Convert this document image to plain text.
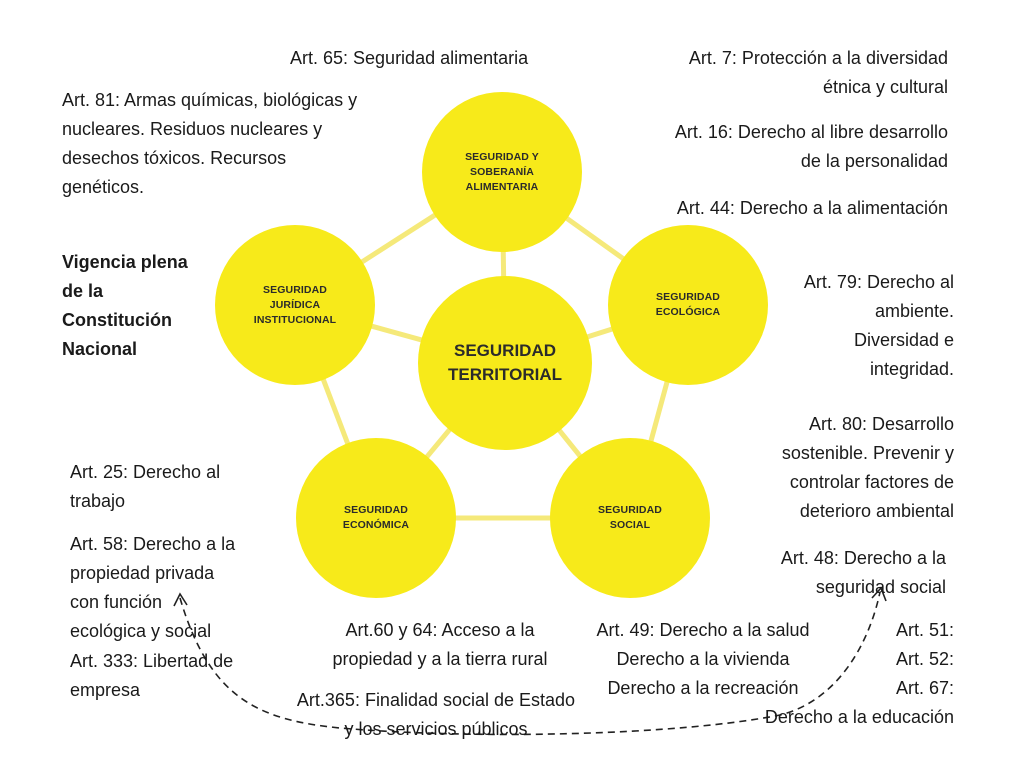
SEGURIDAD Y
SOBERANÍA
ALIMENTARIA
SEGURIDAD
ECOLÓGICA
SEGURIDAD
SOCIAL
SEGURIDAD
ECONÓMICA
SEGURIDAD
JURÍDICA
INSTITUCIONAL
SEGURIDAD
TERRITORIAL

Art. 65: Seguridad alimentaria	Art. 7: Protección a la diversidad
étnica y cultural

Art. 81: Armas químicas, biológicas y
nucleares. Residuos nucleares y
desechos tóxicos. Recursos
genéticos.

Art. 16: Derecho al libre desarrollo
de la personalidad

Art. 44: Derecho a la alimentación

Vigencia plena
de la
Constitución
Nacional

Art. 79: Derecho al
ambiente.
Diversidad e
integridad.

Art. 80: Desarrollo
sostenible. Prevenir y
controlar factores de
deterioro ambiental

Art. 25: Derecho al
trabajo

Art. 58: Derecho a la
propiedad privada
con función
ecológica y social

Art. 333: Libertad de
empresa

Art. 48: Derecho a la
seguridad social

Art.60 y 64: Acceso a la
propiedad y a la tierra rural

Art. 49: Derecho a la salud
Derecho a la vivienda
Derecho a la recreación

Art. 51:
Art. 52:
Art. 67:

Derecho a la educación

Art.365: Finalidad social de Estado
y los servicios públicos
